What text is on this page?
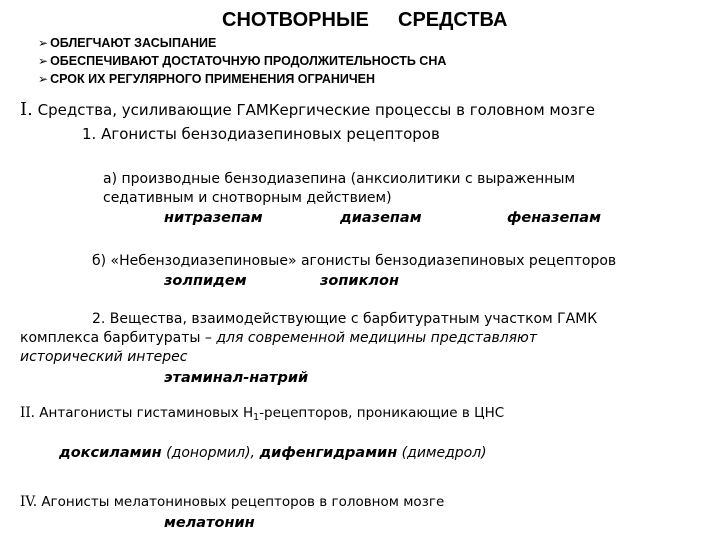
СНОТВОРНЫЕ СРЕДСТВА
➢ ОБЛЕГЧАЮТ ЗАСЫПАНИЕ
➢ ОБЕСПЕЧИВАЮТ ДОСТАТОЧНУЮ ПРОДОЛЖИТЕЛЬНОСТЬ СНА
➢ СРОК ИХ РЕГУЛЯРНОГО ПРИМЕНЕНИЯ ОГРАНИЧЕН
I. Средства, усиливающие ГАМКергические процессы в головном мозге
1. Агонисты бензодиазепиновых рецепторов
а) производные бензодиазепина (анксиолитики с выраженным
седативным и снотворным действием)
нитразепам	диазепам	феназепам
б) «Небензодиазепиновые» агонисты бензодиазепиновых рецепторов
золпидем	зопиклон
2. Вещества, взаимодействующие с барбитуратным участком ГАМК
комплекса барбитураты – для современной медицины представляют
исторический интерес
этаминал-натрий
II. Антагонисты гистаминовых $H_1$-рецепторов, проникающие в ЦНС
доксиламин (донормил), дифенгидрамин (димедрол)
IV. Агонисты мелатониновых рецепторов в головном мозге
мелатонин
